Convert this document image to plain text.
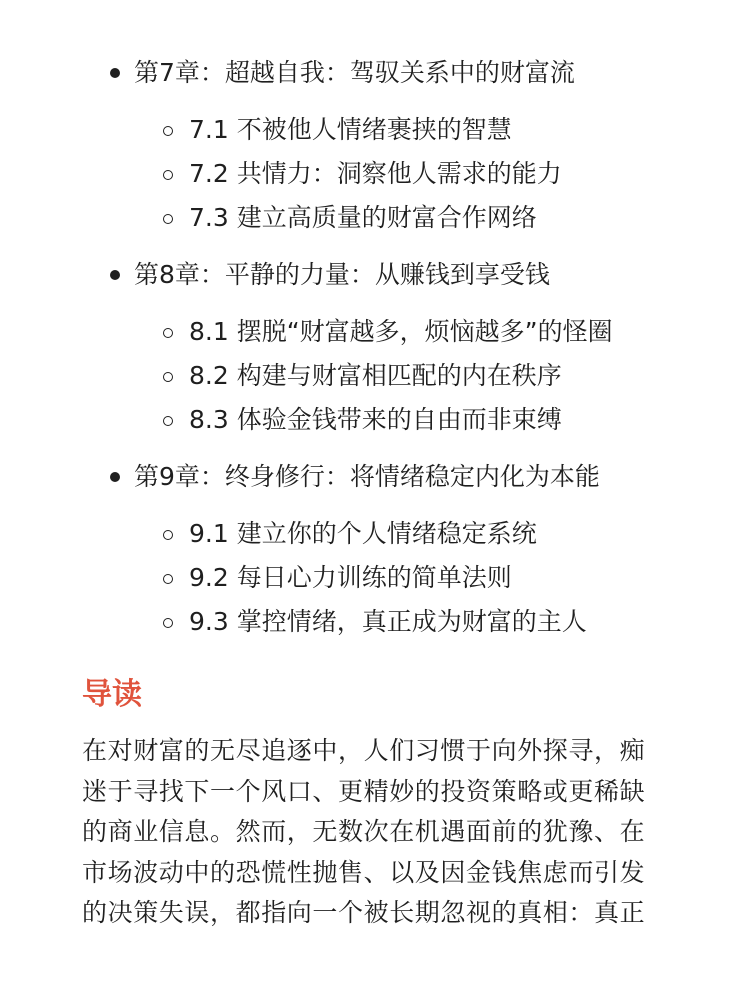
第7章：超越自我：驾驭关系中的财富流
7.1 不被他人情绪裹挟的智慧
7.2 共情力：洞察他人需求的能力
7.3 建立高质量的财富合作网络
第8章：平静的力量：从赚钱到享受钱
8.1 摆脱“财富越多，烦恼越多”的怪圈
8.2 构建与财富相匹配的内在秩序
8.3 体验金钱带来的自由而非束缚
第9章：终身修行：将情绪稳定内化为本能
9.1 建立你的个人情绪稳定系统
9.2 每日心力训练的简单法则
9.3 掌控情绪，真正成为财富的主人
导读

在对财富的无尽追逐中，人们习惯于向外探寻，痴
迷于寻找下一个风口、更精妙的投资策略或更稀缺
的商业信息。然而，无数次在机遇面前的犹豫、在
市场波动中的恐慌性抛售、以及因金钱焦虑而引发
的决策失误，都指向一个被长期忽视的真相：真正
